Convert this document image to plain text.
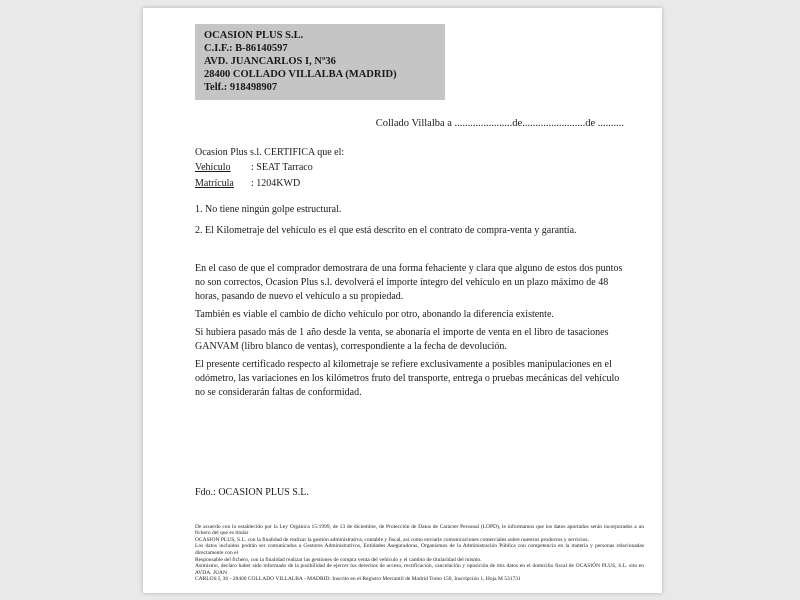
OCASION PLUS S.L.
C.I.F.: B-86140597
AVD. JUANCARLOS I, Nº36
28400 COLLADO VILLALBA (MADRID)
Telf.: 918498907
Collado Villalba a ......................de........................de ..........
Ocasion Plus s.l. CERTIFICA que el:
Vehículo : SEAT Tarraco
Matrícula : 1204KWD
1. No tiene ningún golpe estructural.
2. El Kilometraje del vehículo es el que está descrito en el contrato de compra-venta y garantía.
En el caso de que el comprador demostrara de una forma fehaciente y clara que alguno de estos dos puntos no son correctos, Ocasion Plus s.l. devolverá el importe íntegro del vehículo en un plazo máximo de 48 horas, pasando de nuevo el vehículo a su propiedad.
También es viable el cambio de dicho vehículo por otro, abonando la diferencia existente.
Si hubiera pasado más de 1 año desde la venta, se abonaría el importe de venta en el libro de tasaciones GANVAM (libro blanco de ventas), correspondiente a la fecha de devolución.
El presente certificado respecto al kilometraje se refiere exclusivamente a posibles manipulaciones en el odómetro, las variaciones en los kilómetros fruto del transporte, entrega o pruebas mecánicas del vehículo no se considerarán faltas de conformidad.
Fdo.: OCASION PLUS S.L.
De acuerdo con lo establecido por la Ley Orgánica 15/1999, de 13 de diciembre, de Protección de Datos de Carácter Personal (LOPD), le informamos que los datos aportados serán incorporados a un fichero del que es titular
OCASION PLUS, S.L. con la finalidad de realizar la gestión administrativa, contable y fiscal, así como enviarle comunicaciones comerciales sobre nuestros productos y servicios.
Los datos incluidos podrán ser comunicados a Gestores Administrativos, Entidades Aseguradoras, Organismos de la Administración Pública con competencia en la materia y personas relacionadas directamente con el
Responsable del fichero, con la finalidad realizar las gestiones de compra venta del vehículo y el cambio de titularidad del mismo.
Asimismo, declaro haber sido informado de la posibilidad de ejercer los derechos de acceso, rectificación, cancelación y oposición de mis datos en el domicilio fiscal de OCASIÓN PLUS, S.L. sito en AVDA. JUAN
CARLOS I, 36 - 28400 COLLADO VILLALBA - MADRID. Inscrito en el Registro Mercantil de Madrid Tomo 150, Inscripción 1, Hoja M 531731
